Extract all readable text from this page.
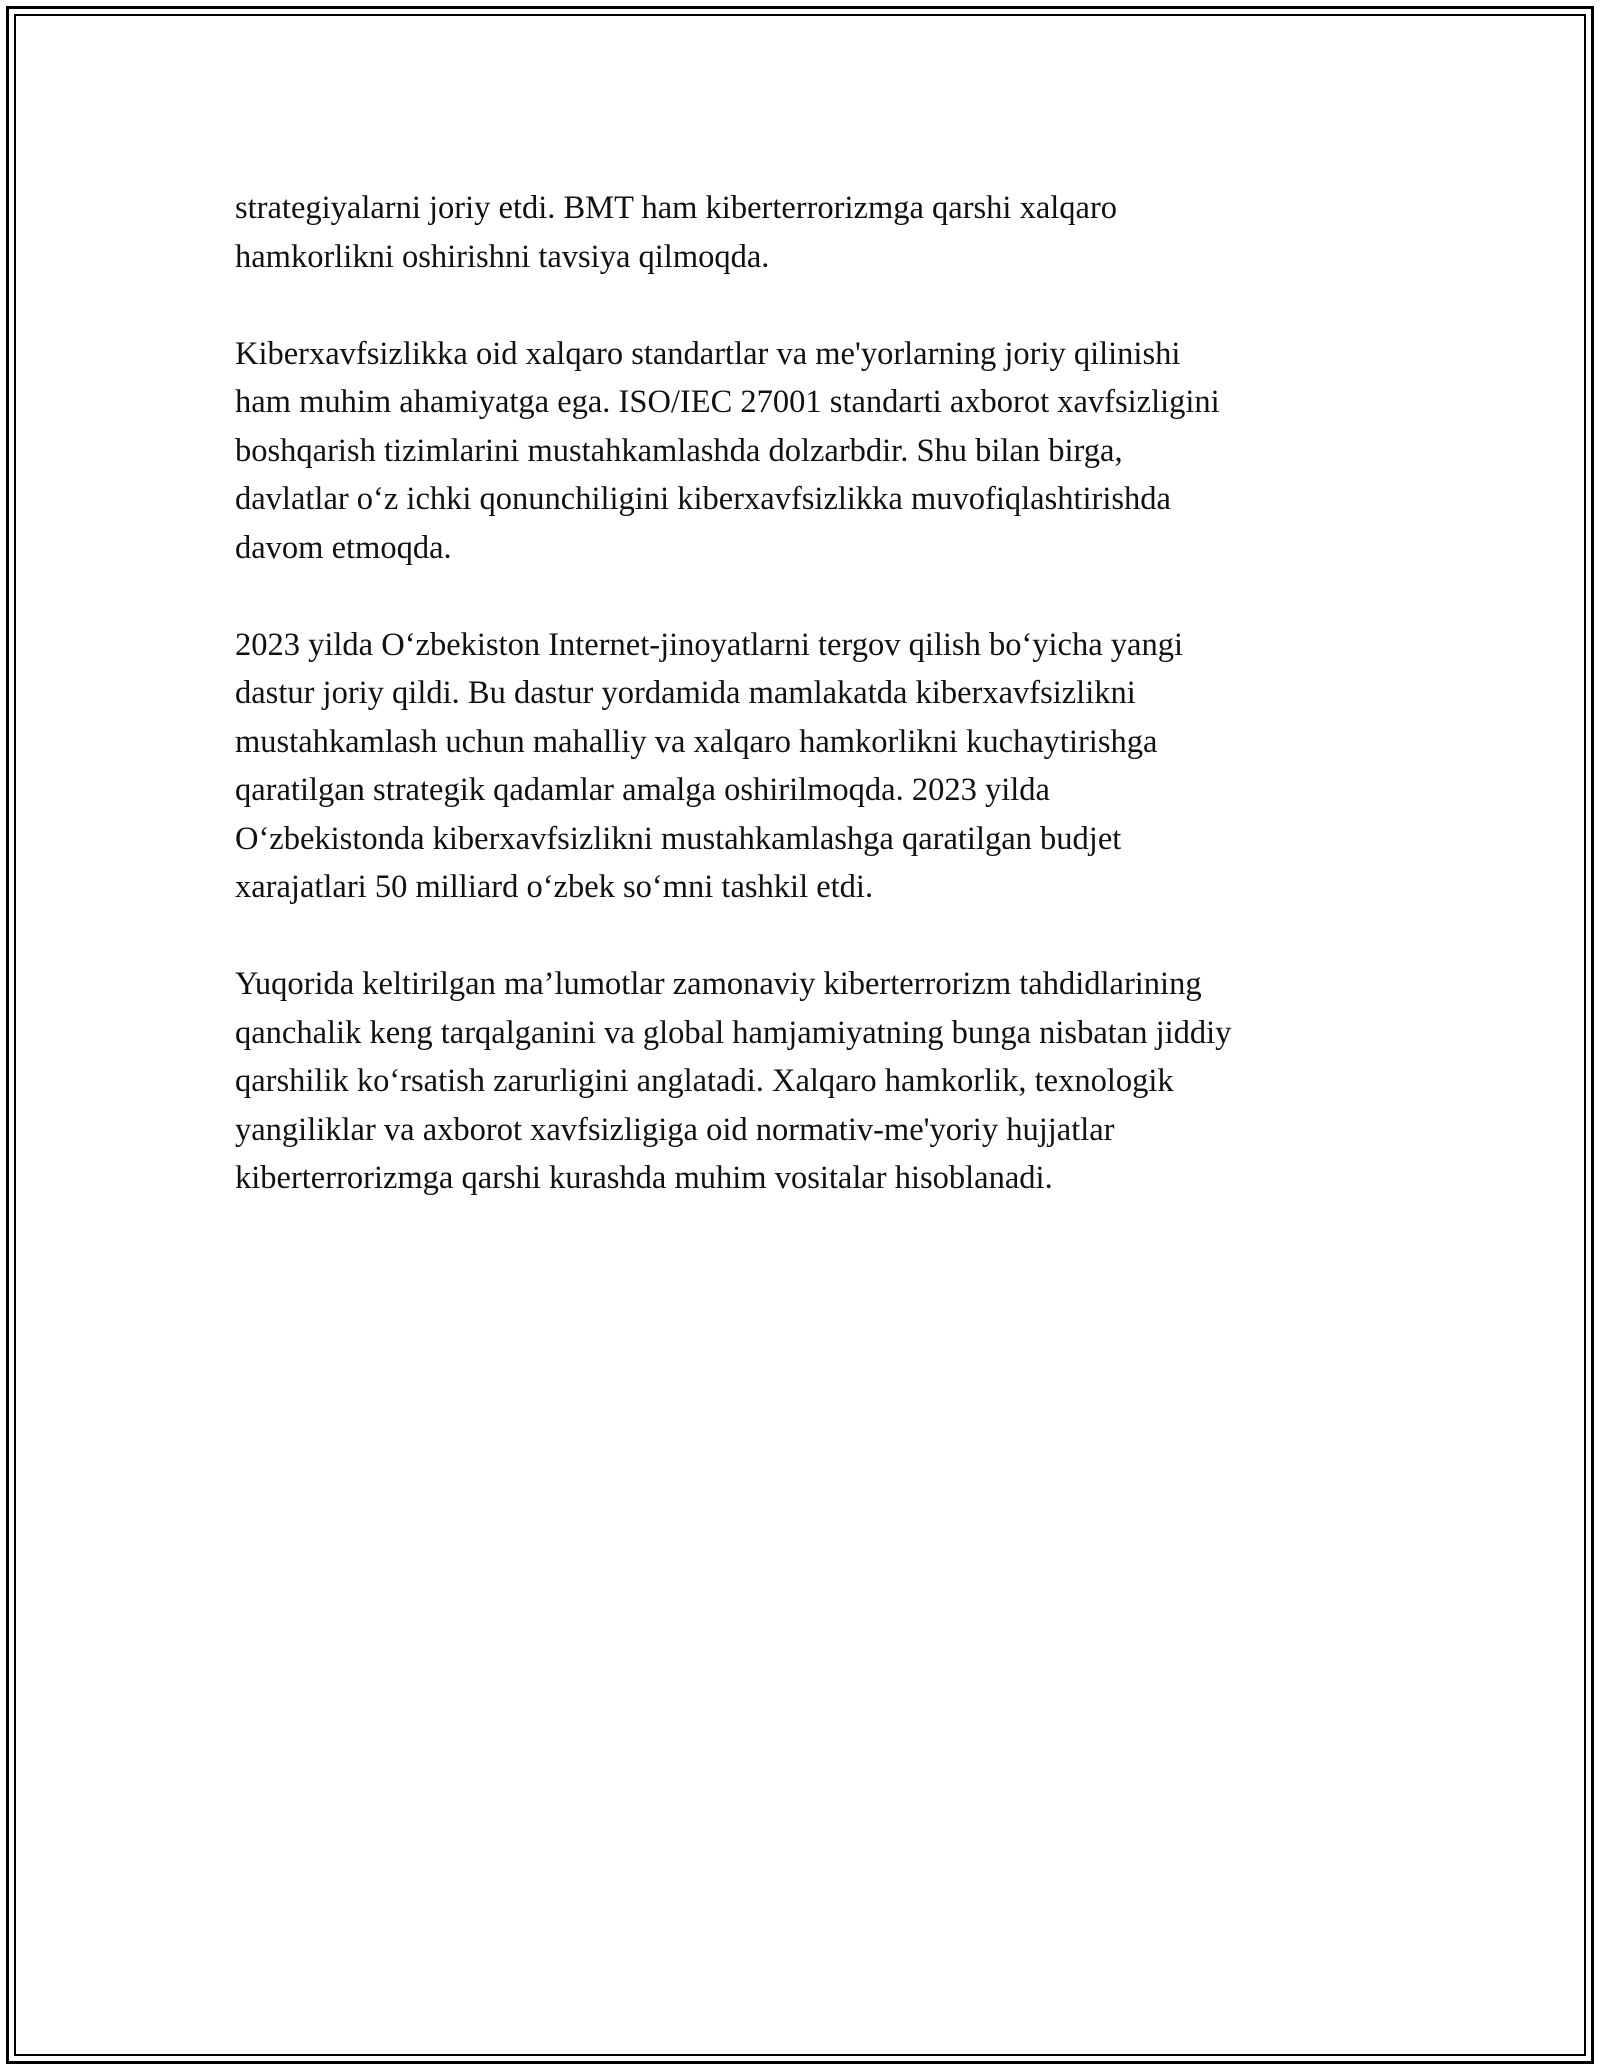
strategiyalarni joriy etdi. BMT ham kiberterrorizmga qarshi xalqaro
hamkorlikni oshirishni tavsiya qilmoqda.

Kiberxavfsizlikka oid xalqaro standartlar va me'yorlarning joriy qilinishi
ham muhim ahamiyatga ega. ISO/IEC 27001 standarti axborot xavfsizligini
boshqarish tizimlarini mustahkamlashda dolzarbdir. Shu bilan birga,
davlatlar o‘z ichki qonunchiligini kiberxavfsizlikka muvofiqlashtirishda
davom etmoqda.

2023 yilda O‘zbekiston Internet-jinoyatlarni tergov qilish bo‘yicha yangi
dastur joriy qildi. Bu dastur yordamida mamlakatda kiberxavfsizlikni
mustahkamlash uchun mahalliy va xalqaro hamkorlikni kuchaytirishga
qaratilgan strategik qadamlar amalga oshirilmoqda. 2023 yilda
O‘zbekistonda kiberxavfsizlikni mustahkamlashga qaratilgan budjet
xarajatlari 50 milliard o‘zbek so‘mni tashkil etdi.

Yuqorida keltirilgan ma’lumotlar zamonaviy kiberterrorizm tahdidlarining
qanchalik keng tarqalganini va global hamjamiyatning bunga nisbatan jiddiy
qarshilik ko‘rsatish zarurligini anglatadi. Xalqaro hamkorlik, texnologik
yangiliklar va axborot xavfsizligiga oid normativ-me'yoriy hujjatlar
kiberterrorizmga qarshi kurashda muhim vositalar hisoblanadi.
